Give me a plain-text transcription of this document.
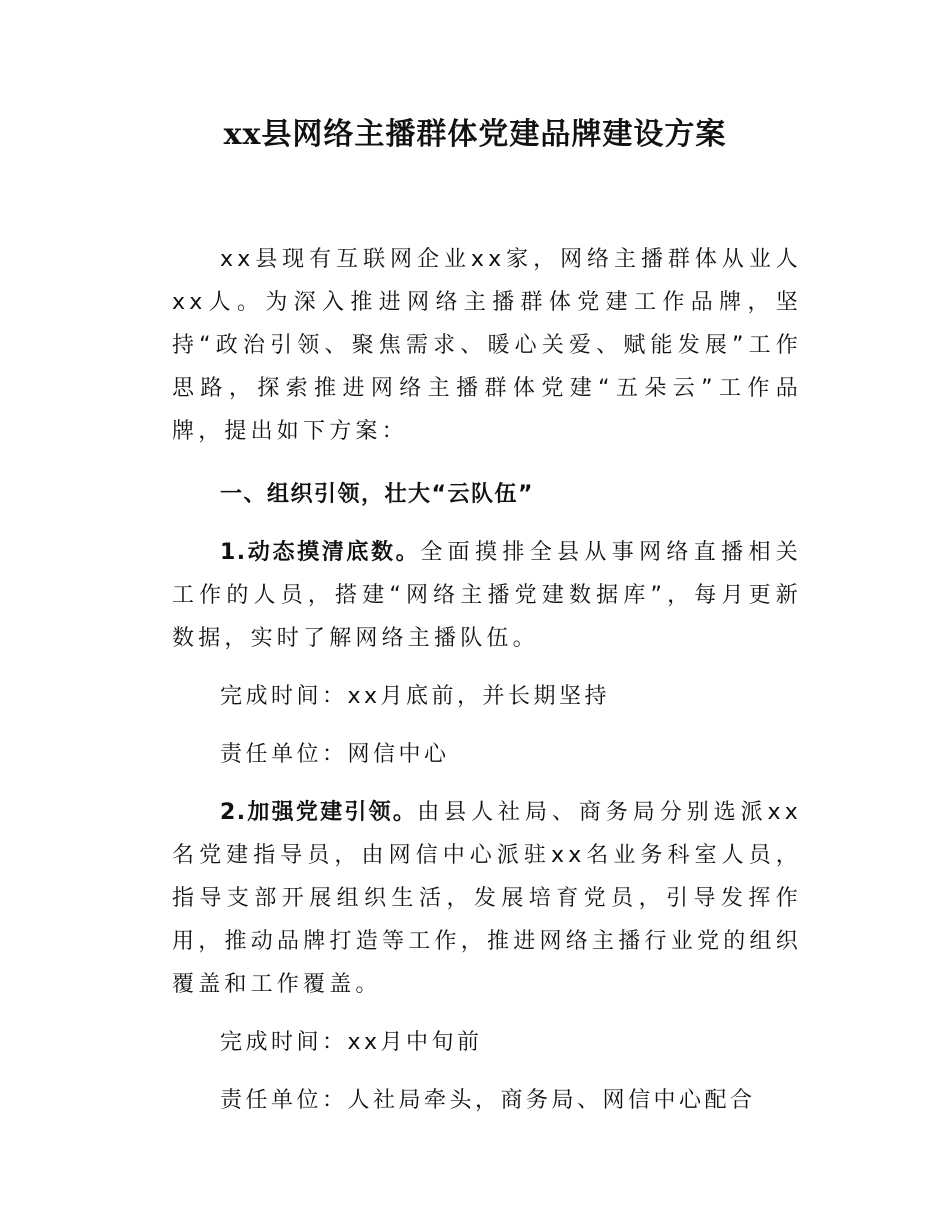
xx县网络主播群体党建品牌建设方案

xx县现有互联网企业xx家，网络主播群体从业人xx人。为深入推进网络主播群体党建工作品牌，坚持“政治引领、聚焦需求、暖心关爱、赋能发展”工作思路，探索推进网络主播群体党建“五朵云”工作品牌，提出如下方案：

一、组织引领，壮大“云队伍”

1.动态摸清底数。全面摸排全县从事网络直播相关工作的人员，搭建“网络主播党建数据库”，每月更新数据，实时了解网络主播队伍。

完成时间：xx月底前，并长期坚持

责任单位：网信中心

2.加强党建引领。由县人社局、商务局分别选派xx名党建指导员，由网信中心派驻xx名业务科室人员，指导支部开展组织生活，发展培育党员，引导发挥作用，推动品牌打造等工作，推进网络主播行业党的组织覆盖和工作覆盖。

完成时间：xx月中旬前

责任单位：人社局牵头，商务局、网信中心配合
